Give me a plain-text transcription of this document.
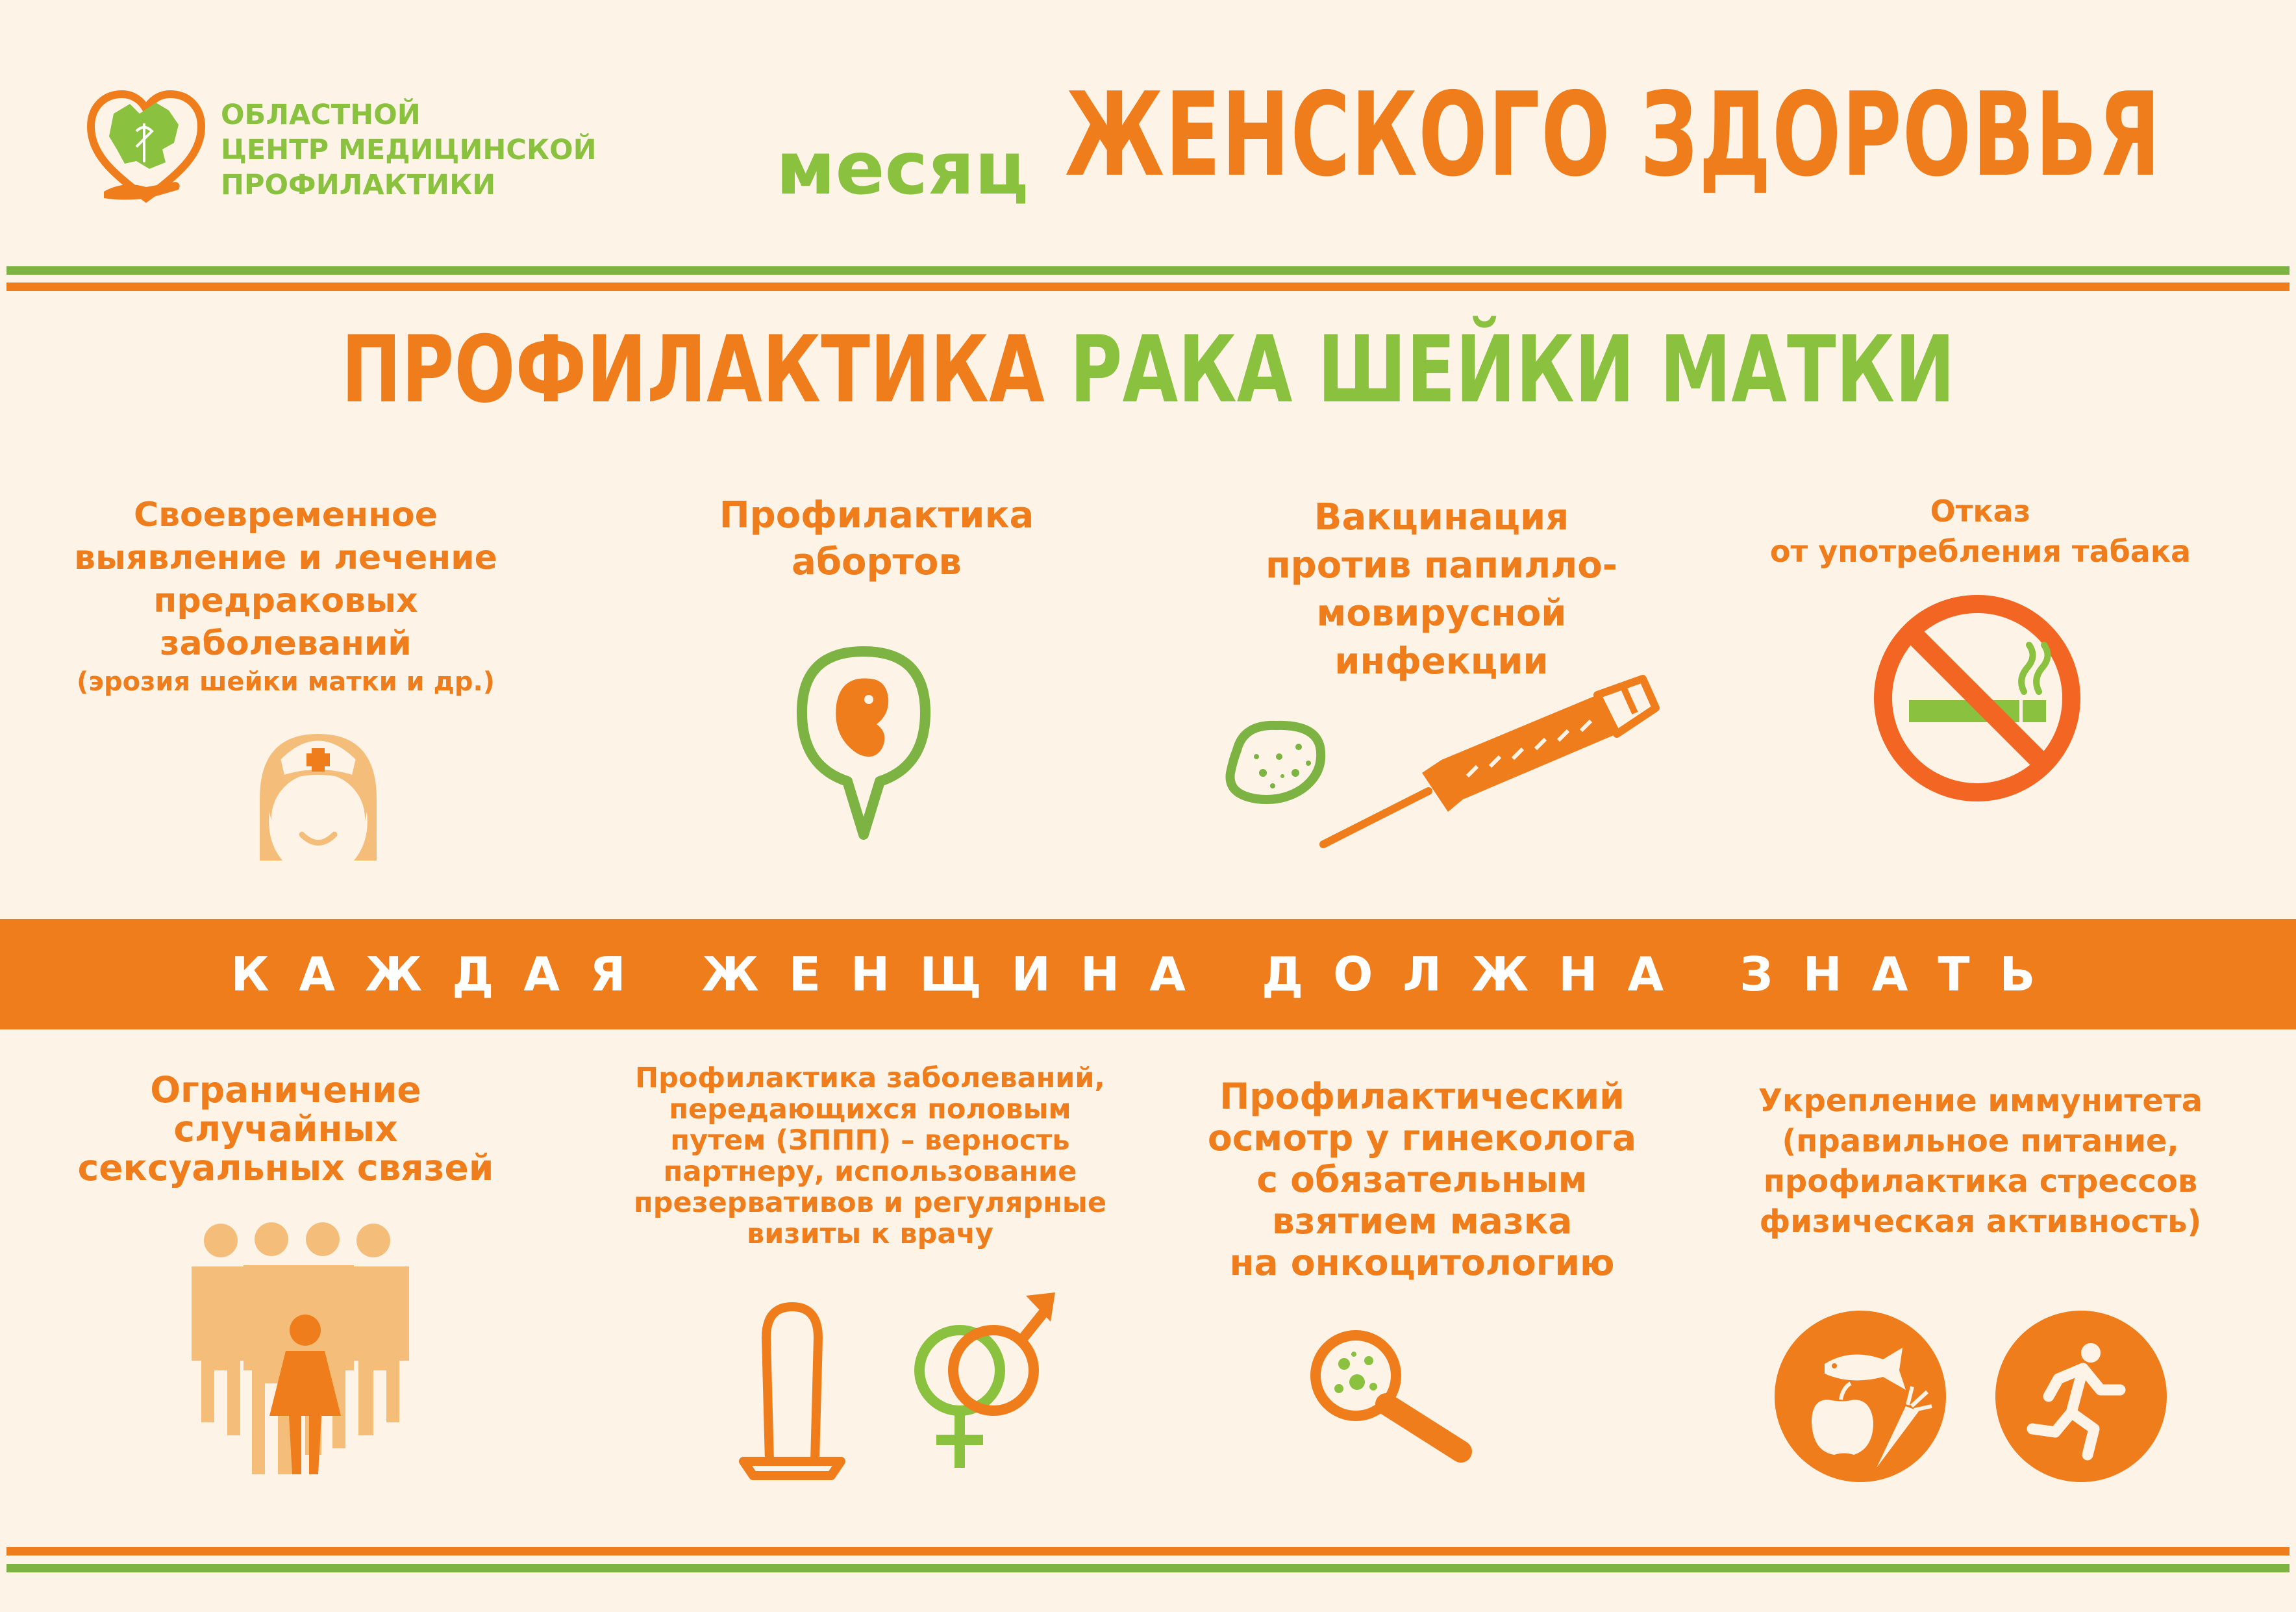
ОБЛАСТНОЙ
ЦЕНТР МЕДИЦИНСКОЙ
ПРОФИЛАКТИКИ	месяц ЖЕНСКОГО ЗДОРОВЬЯ
ПРОФИЛАКТИКА РАКА ШЕЙКИ МАТКИ
Своевременное
выявление и лечение
предраковых
заболеваний
(эрозия шейки матки и др.)
Профилактика
абортов
Вакцинация
против папилло-
мовирусной
инфекции
Отказ
от употребления табака
КАЖДАЯ ЖЕНЩИНА ДОЛЖНА ЗНАТЬ
Ограничение
случайных
сексуальных связей
Профилактика заболеваний,
передающихся половым
путем (ЗППП) – верность
партнеру, использование
презервативов и регулярные
визиты к врачу
Профилактический
осмотр у гинеколога
с обязательным
взятием мазка
на онкоцитологию
Укрепление иммунитета
(правильное питание,
профилактика стрессов
физическая активность)
